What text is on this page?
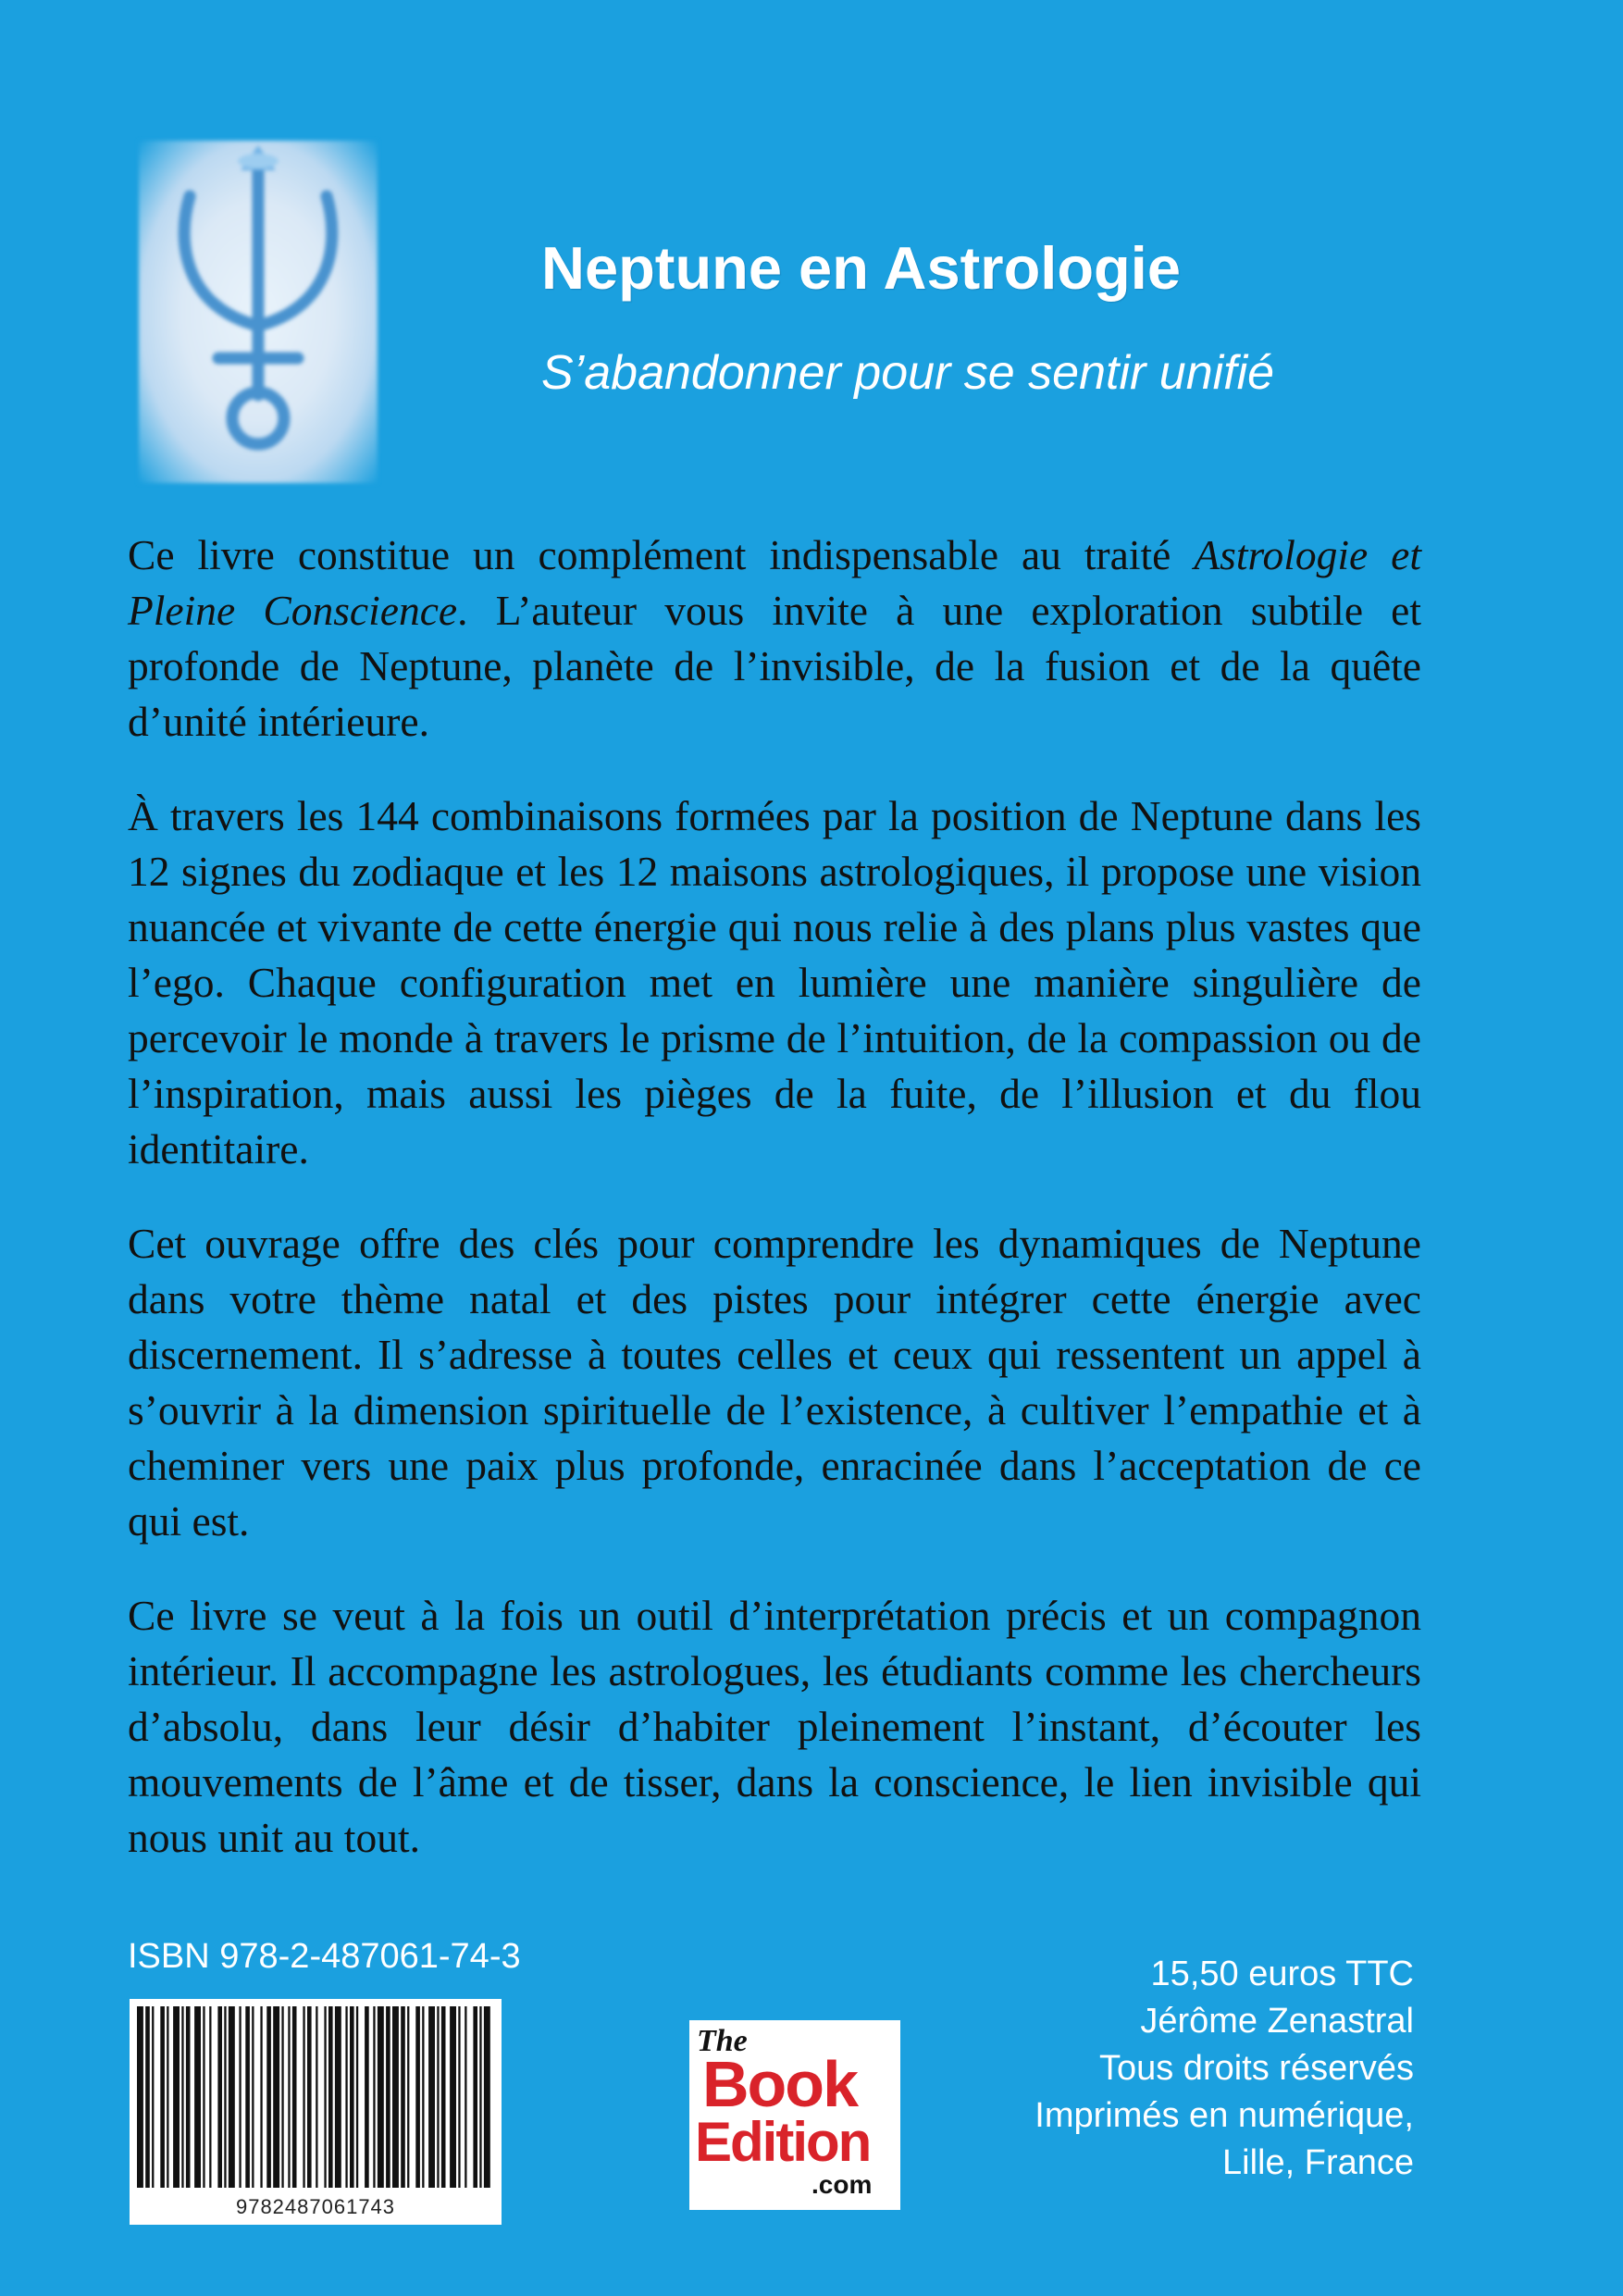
Neptune en Astrologie
S’abandonner pour se sentir unifié

Ce livre constitue un complément indispensable au traité Astrologie et Pleine Conscience. L’auteur vous invite à une exploration subtile et profonde de Neptune, planète de l’invisible, de la fusion et de la quête d’unité intérieure.

À travers les 144 combinaisons formées par la position de Neptune dans les 12 signes du zodiaque et les 12 maisons astrologiques, il propose une vision nuancée et vivante de cette énergie qui nous relie à des plans plus vastes que l’ego. Chaque configuration met en lumière une manière singulière de percevoir le monde à travers le prisme de l’intuition, de la compassion ou de l’inspiration, mais aussi les pièges de la fuite, de l’illusion et du flou identitaire.

Cet ouvrage offre des clés pour comprendre les dynamiques de Neptune dans votre thème natal et des pistes pour intégrer cette énergie avec discernement. Il s’adresse à toutes celles et ceux qui ressentent un appel à s’ouvrir à la dimension spirituelle de l’existence, à cultiver l’empathie et à cheminer vers une paix plus profonde, enracinée dans l’acceptation de ce qui est.

Ce livre se veut à la fois un outil d’interprétation précis et un compagnon intérieur. Il accompagne les astrologues, les étudiants comme les chercheurs d’absolu, dans leur désir d’habiter pleinement l’instant, d’écouter les mouvements de l’âme et de tisser, dans la conscience, le lien invisible qui nous unit au tout.

ISBN 978-2-487061-74-3
9782487061743
The
Book
Edition
.com
15,50 euros TTC
Jérôme Zenastral
Tous droits réservés
Imprimés en numérique,
Lille, France
